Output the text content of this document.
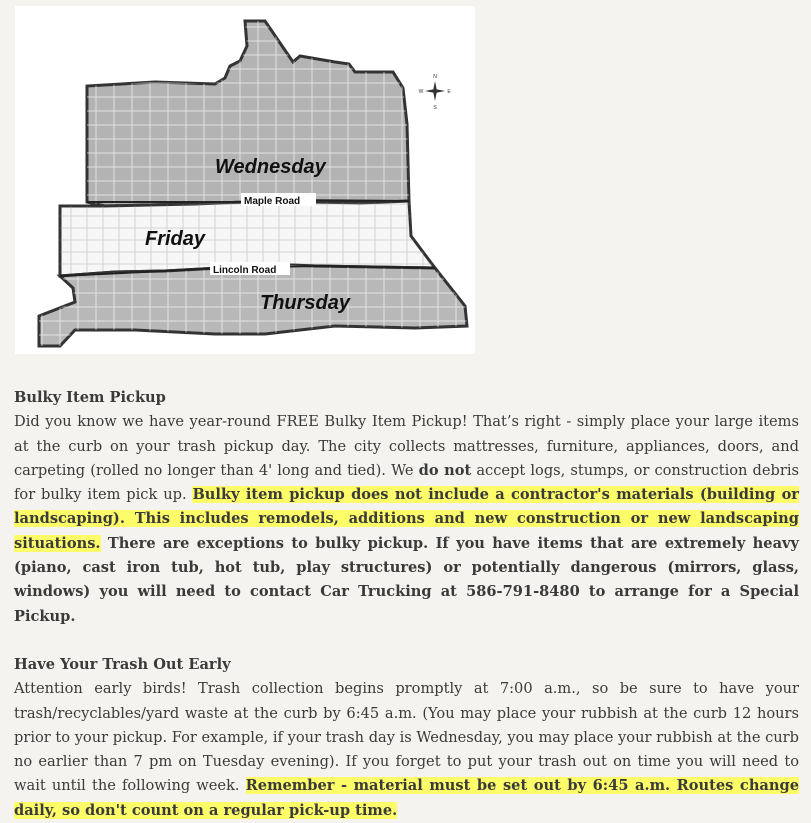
N
S
E
W
Wednesday
Friday
Thursday
Maple Road
Lincoln Road

Bulky Item Pickup

Did you know we have year-round FREE Bulky Item Pickup! That’s right - simply place your large items at the curb on your trash pickup day. The city collects mattresses, furniture, appliances, doors, and carpeting (rolled no longer than 4' long and tied). We do not accept logs, stumps, or construction debris for bulky item pick up. Bulky item pickup does not include a contractor's materials (building or landscaping). This includes remodels, additions and new construction or new landscaping situations. There are exceptions to bulky pickup. If you have items that are extremely heavy (piano, cast iron tub, hot tub, play structures) or potentially dangerous (mirrors, glass, windows) you will need to contact Car Trucking at 586-791-8480 to arrange for a Special Pickup.

Have Your Trash Out Early

Attention early birds! Trash collection begins promptly at 7:00 a.m., so be sure to have your trash/recyclables/yard waste at the curb by 6:45 a.m. (You may place your rubbish at the curb 12 hours prior to your pickup. For example, if your trash day is Wednesday, you may place your rubbish at the curb no earlier than 7 pm on Tuesday evening). If you forget to put your trash out on time you will need to wait until the following week. Remember - material must be set out by 6:45 a.m. Routes change daily, so don't count on a regular pick-up time.
